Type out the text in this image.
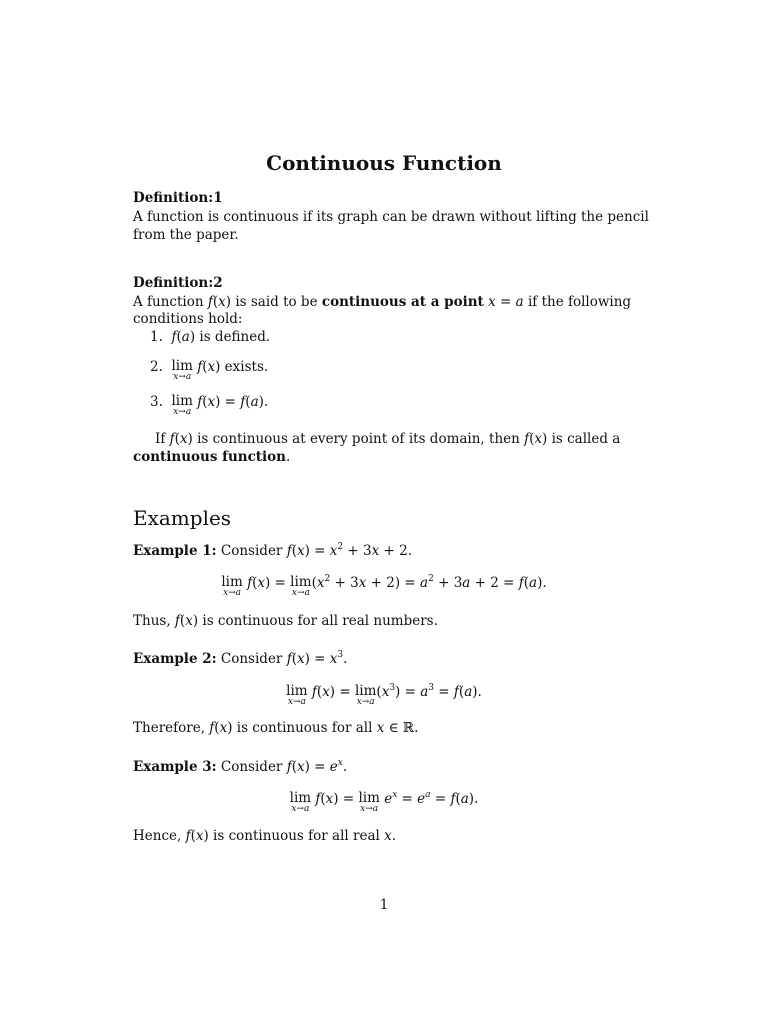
Continuous Function
Definition:1
A function is continuous if its graph can be drawn without lifting the pencil
from the paper.
Definition:2
A function f(x) is said to be continuous at a point x = a if the following
conditions hold:
1. f(a) is defined.
2. lim
x→a
f(x) exists.
3. lim
x→a
f(x) = f(a).
If f(x) is continuous at every point of its domain, then f(x) is called a
continuous function.
Examples
Example 1: Consider $f(x) = x^2 + 3x + 2$.
lim
x→a
f(x) = lim
x→a
$(x^2 + 3x + 2) = a^2 + 3a + 2 = f(a)$.
Thus, f(x) is continuous for all real numbers.
Example 2: Consider $f(x) = x^3$.
lim
x→a
f(x) = lim
x→a
$(x^3) = a^3 = f(a)$.
Therefore, f(x) is continuous for all x ∈ ℝ.
Example 3: Consider $f(x) = e^x$.
lim
x→a
f(x) = lim
x→a
$e^x = e^a = f(a)$.
Hence, f(x) is continuous for all real x.
1
